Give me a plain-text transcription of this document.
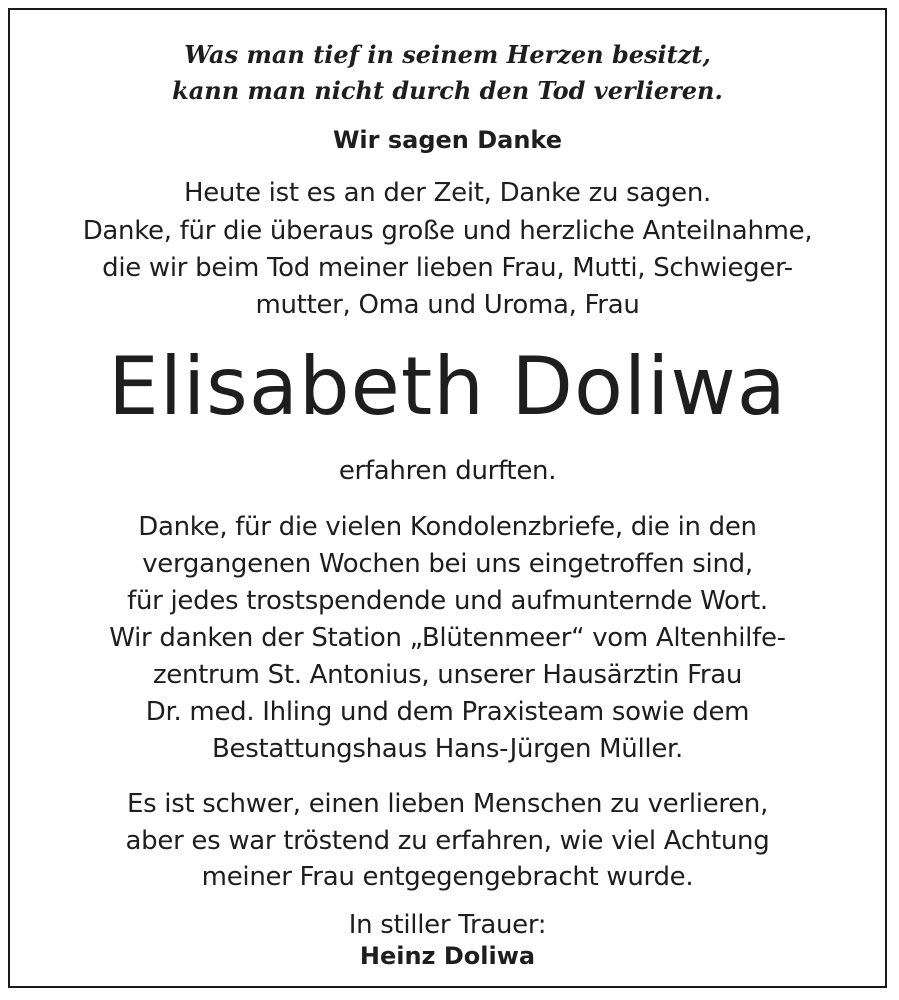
Was man tief in seinem Herzen besitzt,
kann man nicht durch den Tod verlieren.
Wir sagen Danke
Heute ist es an der Zeit, Danke zu sagen.
Danke, für die überaus große und herzliche Anteilnahme,
die wir beim Tod meiner lieben Frau, Mutti, Schwieger-
mutter, Oma und Uroma, Frau
Elisabeth Doliwa
erfahren durften.
Danke, für die vielen Kondolenzbriefe, die in den
vergangenen Wochen bei uns eingetroffen sind,
für jedes trostspendende und aufmunternde Wort.
Wir danken der Station „Blütenmeer“ vom Altenhilfe-
zentrum St. Antonius, unserer Hausärztin Frau
Dr. med. Ihling und dem Praxisteam sowie dem
Bestattungshaus Hans-Jürgen Müller.
Es ist schwer, einen lieben Menschen zu verlieren,
aber es war tröstend zu erfahren, wie viel Achtung
meiner Frau entgegengebracht wurde.
In stiller Trauer:
Heinz Doliwa
